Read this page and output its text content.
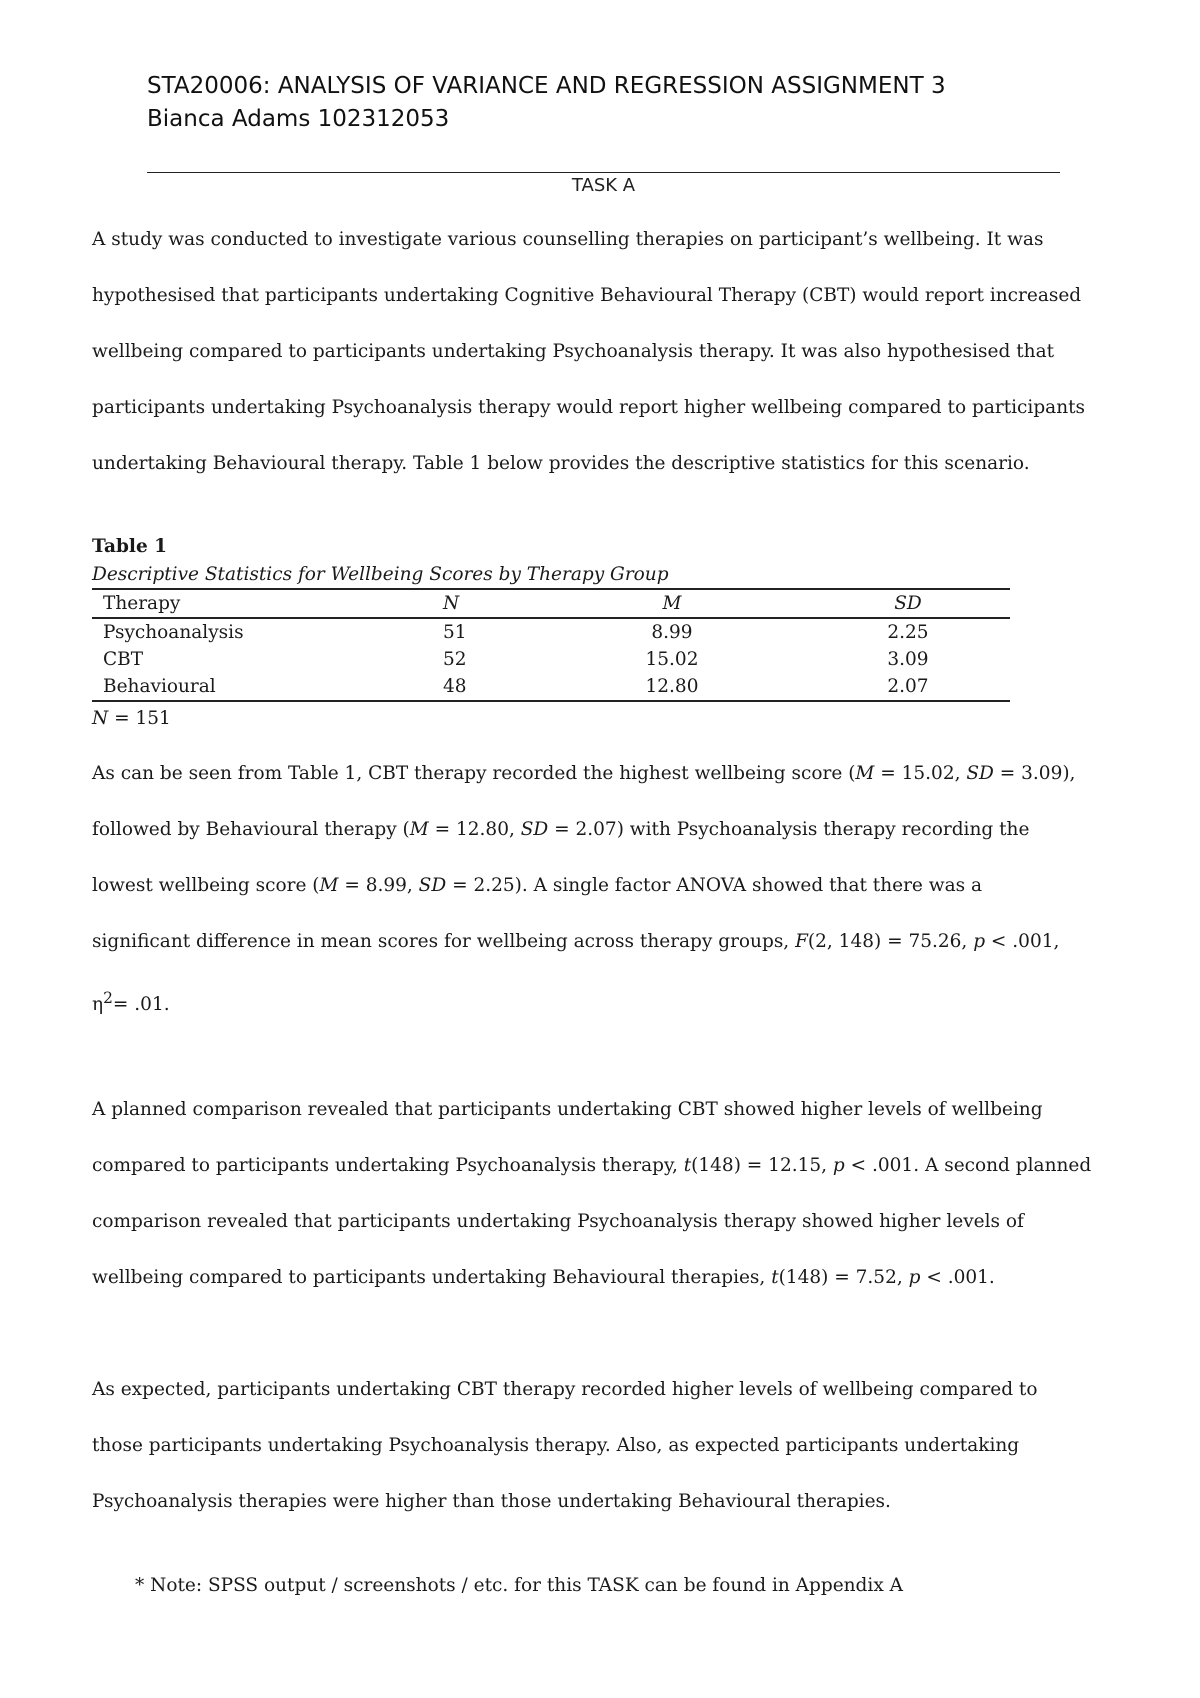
STA20006: ANALYSIS OF VARIANCE AND REGRESSION ASSIGNMENT 3
Bianca Adams 102312053
TASK A

A study was conducted to investigate various counselling therapies on participant’s wellbeing. It was
hypothesised that participants undertaking Cognitive Behavioural Therapy (CBT) would report increased
wellbeing compared to participants undertaking Psychoanalysis therapy. It was also hypothesised that
participants undertaking Psychoanalysis therapy would report higher wellbeing compared to participants
undertaking Behavioural therapy. Table 1 below provides the descriptive statistics for this scenario.

Table 1
Descriptive Statistics for Wellbeing Scores by Therapy Group
Therapy	N	M	SD
Psychoanalysis	51	8.99	2.25
CBT	52	15.02	3.09
Behavioural	48	12.80	2.07
N = 151

As can be seen from Table 1, CBT therapy recorded the highest wellbeing score (M = 15.02, SD = 3.09),
followed by Behavioural therapy (M = 12.80, SD = 2.07) with Psychoanalysis therapy recording the
lowest wellbeing score (M = 8.99, SD = 2.25). A single factor ANOVA showed that there was a
significant difference in mean scores for wellbeing across therapy groups, F(2, 148) = 75.26, p < .001,
$\eta^2= .01$.

A planned comparison revealed that participants undertaking CBT showed higher levels of wellbeing
compared to participants undertaking Psychoanalysis therapy, t(148) = 12.15, p < .001. A second planned
comparison revealed that participants undertaking Psychoanalysis therapy showed higher levels of
wellbeing compared to participants undertaking Behavioural therapies, t(148) = 7.52, p < .001.

As expected, participants undertaking CBT therapy recorded higher levels of wellbeing compared to
those participants undertaking Psychoanalysis therapy. Also, as expected participants undertaking
Psychoanalysis therapies were higher than those undertaking Behavioural therapies.

* Note: SPSS output / screenshots / etc. for this TASK can be found in Appendix A
